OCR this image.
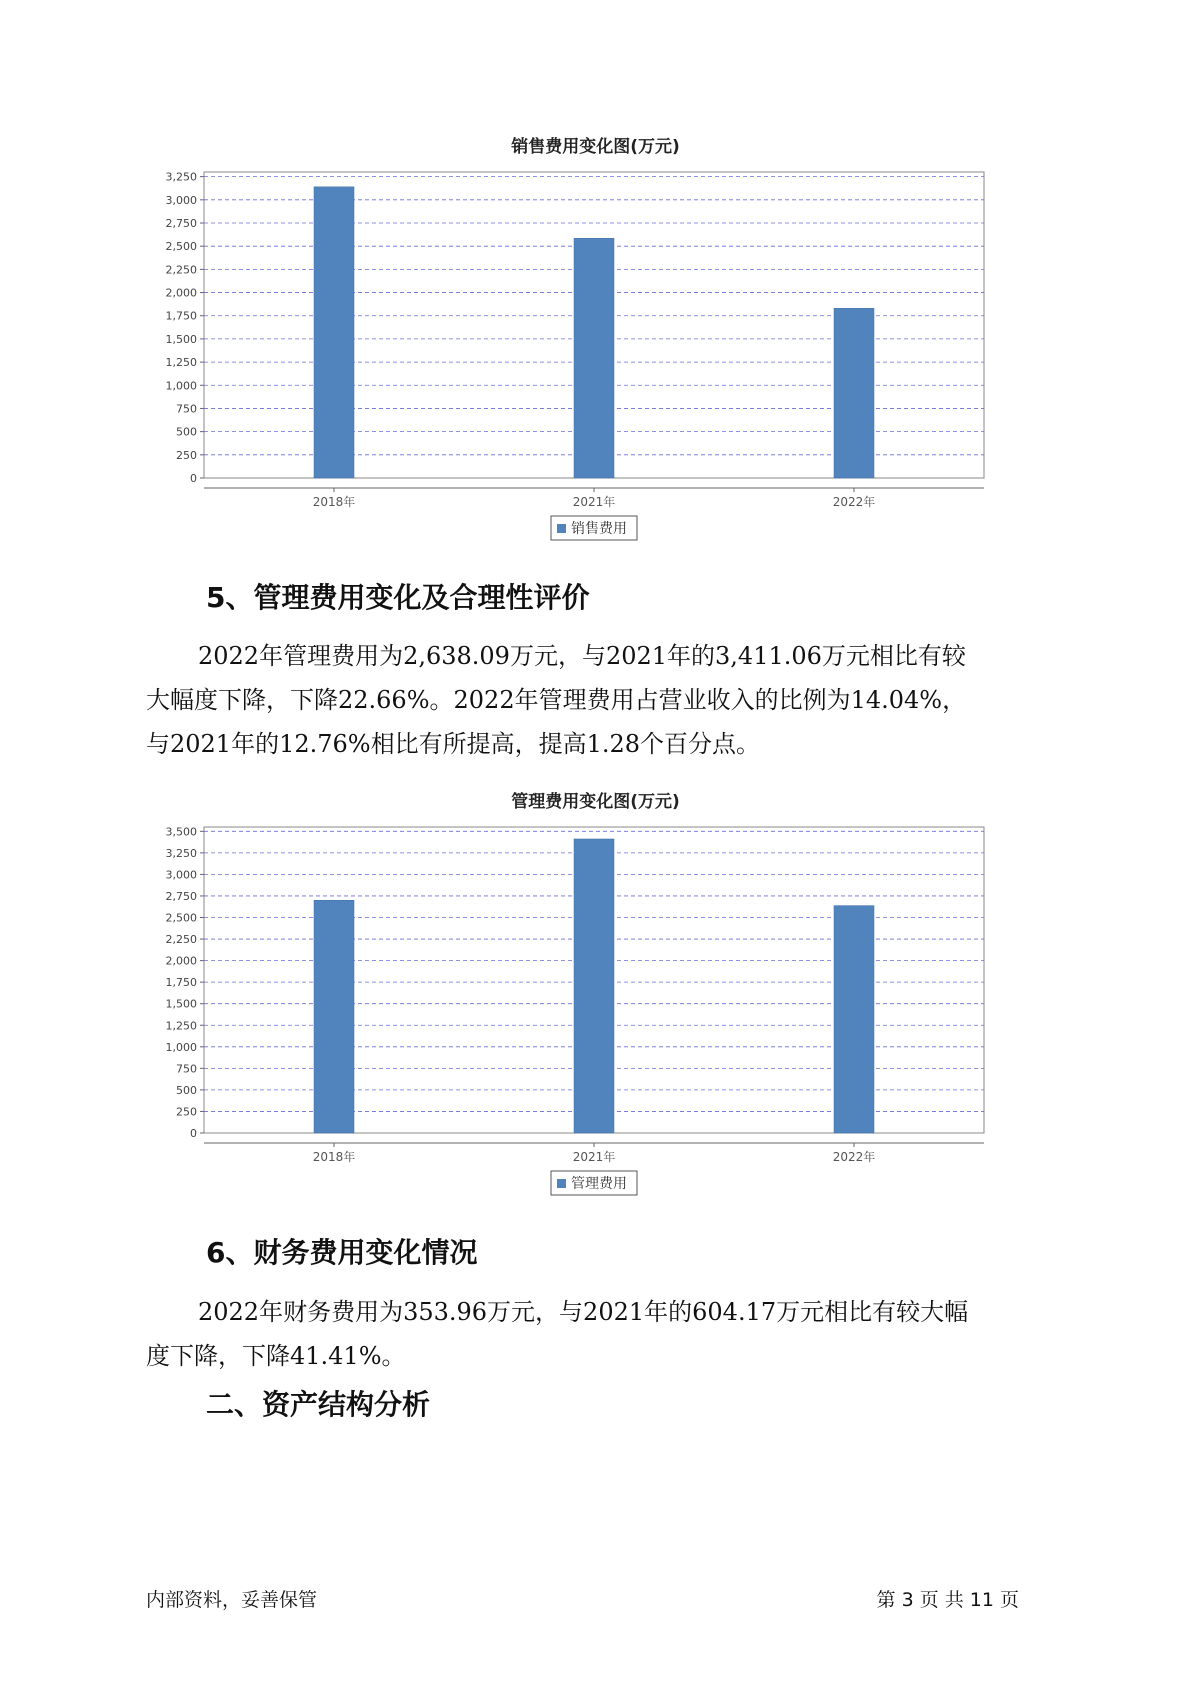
销售费用变化图(万元)
0
250
500
750
1,000
1,250
1,500
1,750
2,000
2,250
2,500
2,750
3,000
3,250
2018年	2021年	2022年
销售费用
5、管理费用变化及合理性评价
2022年管理费用为2,638.09万元，与2021年的3,411.06万元相比有较
大幅度下降，下降22.66%。2022年管理费用占营业收入的比例为14.04%，
与2021年的12.76%相比有所提高，提高1.28个百分点。
管理费用变化图(万元)
0
250
500
750
1,000
1,250
1,500
1,750
2,000
2,250
2,500
2,750
3,000
3,250
3,500
2018年	2021年	2022年
管理费用
6、财务费用变化情况
2022年财务费用为353.96万元，与2021年的604.17万元相比有较大幅
度下降，下降41.41%。
二、资产结构分析
内部资料，妥善保管	第 3 页 共 11 页
